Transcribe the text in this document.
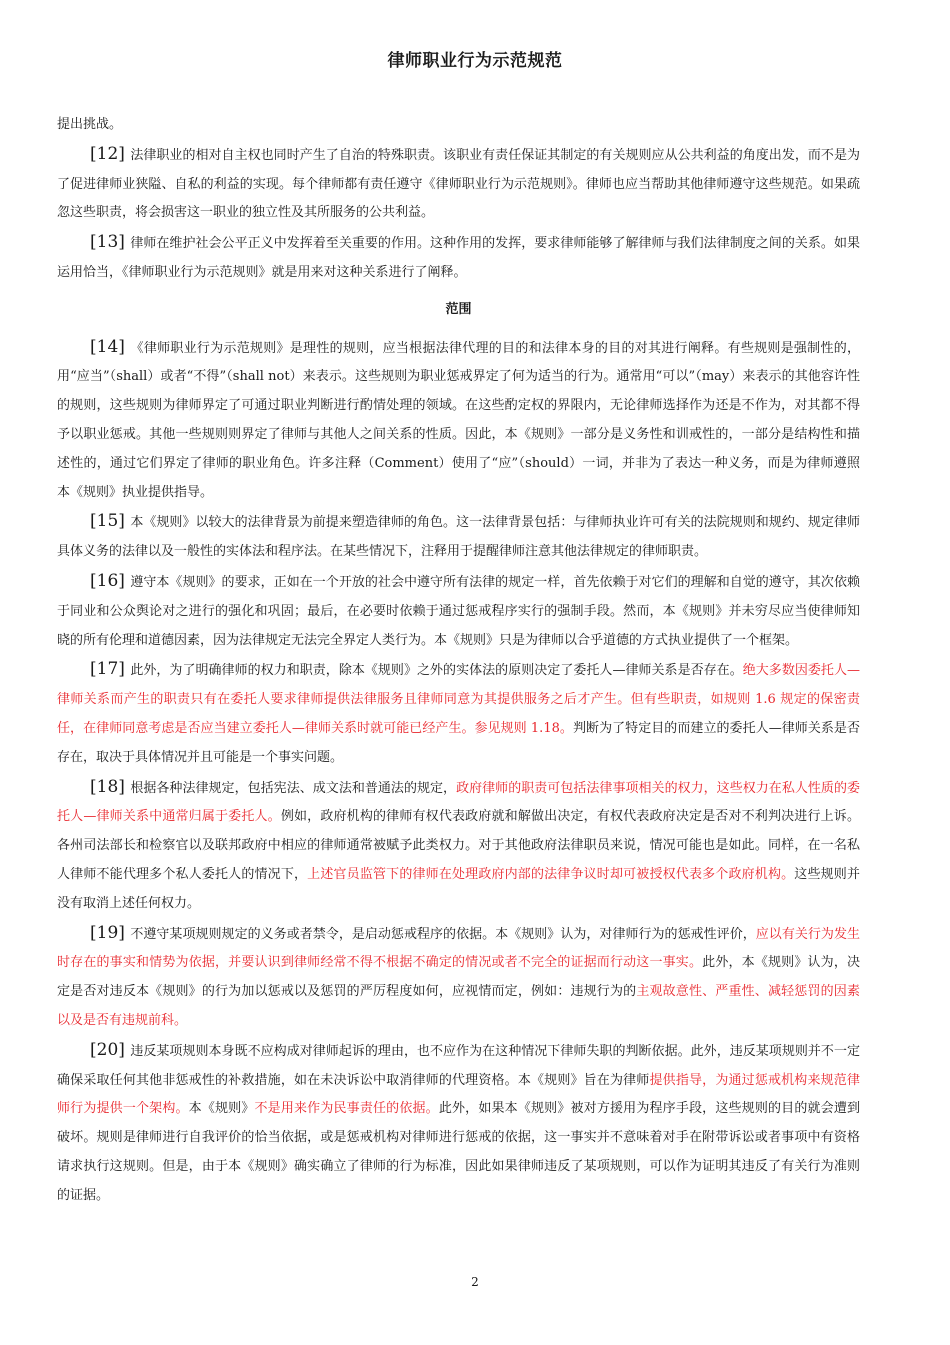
律师职业行为示范规范

提出挑战。

[12] 法律职业的相对自主权也同时产生了自治的特殊职责。该职业有责任保证其制定的有关规则应从公共利益的角度出发，而不是为了促进律师业狭隘、自私的利益的实现。每个律师都有责任遵守《律师职业行为示范规则》。律师也应当帮助其他律师遵守这些规范。如果疏忽这些职责，将会损害这一职业的独立性及其所服务的公共利益。

[13] 律师在维护社会公平正义中发挥着至关重要的作用。这种作用的发挥，要求律师能够了解律师与我们法律制度之间的关系。如果运用恰当，《律师职业行为示范规则》就是用来对这种关系进行了阐释。

范围

[14] 《律师职业行为示范规则》是理性的规则，应当根据法律代理的目的和法律本身的目的对其进行阐释。有些规则是强制性的，用“应当”（shall）或者“不得”（shall not）来表示。这些规则为职业惩戒界定了何为适当的行为。通常用“可以”（may）来表示的其他容许性的规则，这些规则为律师界定了可通过职业判断进行酌情处理的领域。在这些酌定权的界限内，无论律师选择作为还是不作为，对其都不得予以职业惩戒。其他一些规则则界定了律师与其他人之间关系的性质。因此，本《规则》一部分是义务性和训戒性的，一部分是结构性和描述性的，通过它们界定了律师的职业角色。许多注释（Comment）使用了“应”（should）一词，并非为了表达一种义务，而是为律师遵照本《规则》执业提供指导。

[15] 本《规则》以较大的法律背景为前提来塑造律师的角色。这一法律背景包括：与律师执业许可有关的法院规则和规约、规定律师具体义务的法律以及一般性的实体法和程序法。在某些情况下，注释用于提醒律师注意其他法律规定的律师职责。

[16] 遵守本《规则》的要求，正如在一个开放的社会中遵守所有法律的规定一样，首先依赖于对它们的理解和自觉的遵守，其次依赖于同业和公众舆论对之进行的强化和巩固；最后，在必要时依赖于通过惩戒程序实行的强制手段。然而，本《规则》并未穷尽应当使律师知晓的所有伦理和道德因素，因为法律规定无法完全界定人类行为。本《规则》只是为律师以合乎道德的方式执业提供了一个框架。

[17] 此外，为了明确律师的权力和职责，除本《规则》之外的实体法的原则决定了委托人—律师关系是否存在。绝大多数因委托人—律师关系而产生的职责只有在委托人要求律师提供法律服务且律师同意为其提供服务之后才产生。但有些职责，如规则 1.6 规定的保密责任，在律师同意考虑是否应当建立委托人—律师关系时就可能已经产生。参见规则 1.18。判断为了特定目的而建立的委托人—律师关系是否存在，取决于具体情况并且可能是一个事实问题。

[18] 根据各种法律规定，包括宪法、成文法和普通法的规定，政府律师的职责可包括法律事项相关的权力，这些权力在私人性质的委托人—律师关系中通常归属于委托人。例如，政府机构的律师有权代表政府就和解做出决定，有权代表政府决定是否对不利判决进行上诉。各州司法部长和检察官以及联邦政府中相应的律师通常被赋予此类权力。对于其他政府法律职员来说，情况可能也是如此。同样，在一名私人律师不能代理多个私人委托人的情况下，上述官员监管下的律师在处理政府内部的法律争议时却可被授权代表多个政府机构。这些规则并没有取消上述任何权力。

[19] 不遵守某项规则规定的义务或者禁令，是启动惩戒程序的依据。本《规则》认为，对律师行为的惩戒性评价，应以有关行为发生时存在的事实和情势为依据，并要认识到律师经常不得不根据不确定的情况或者不完全的证据而行动这一事实。此外，本《规则》认为，决定是否对违反本《规则》的行为加以惩戒以及惩罚的严厉程度如何，应视情而定，例如：违规行为的主观故意性、严重性、减轻惩罚的因素以及是否有违规前科。

[20] 违反某项规则本身既不应构成对律师起诉的理由，也不应作为在这种情况下律师失职的判断依据。此外，违反某项规则并不一定确保采取任何其他非惩戒性的补救措施，如在未决诉讼中取消律师的代理资格。本《规则》旨在为律师提供指导，为通过惩戒机构来规范律师行为提供一个架构。本《规则》不是用来作为民事责任的依据。此外，如果本《规则》被对方援用为程序手段，这些规则的目的就会遭到破坏。规则是律师进行自我评价的恰当依据，或是惩戒机构对律师进行惩戒的依据，这一事实并不意味着对手在附带诉讼或者事项中有资格请求执行这规则。但是，由于本《规则》确实确立了律师的行为标准，因此如果律师违反了某项规则，可以作为证明其违反了有关行为准则的证据。

2
